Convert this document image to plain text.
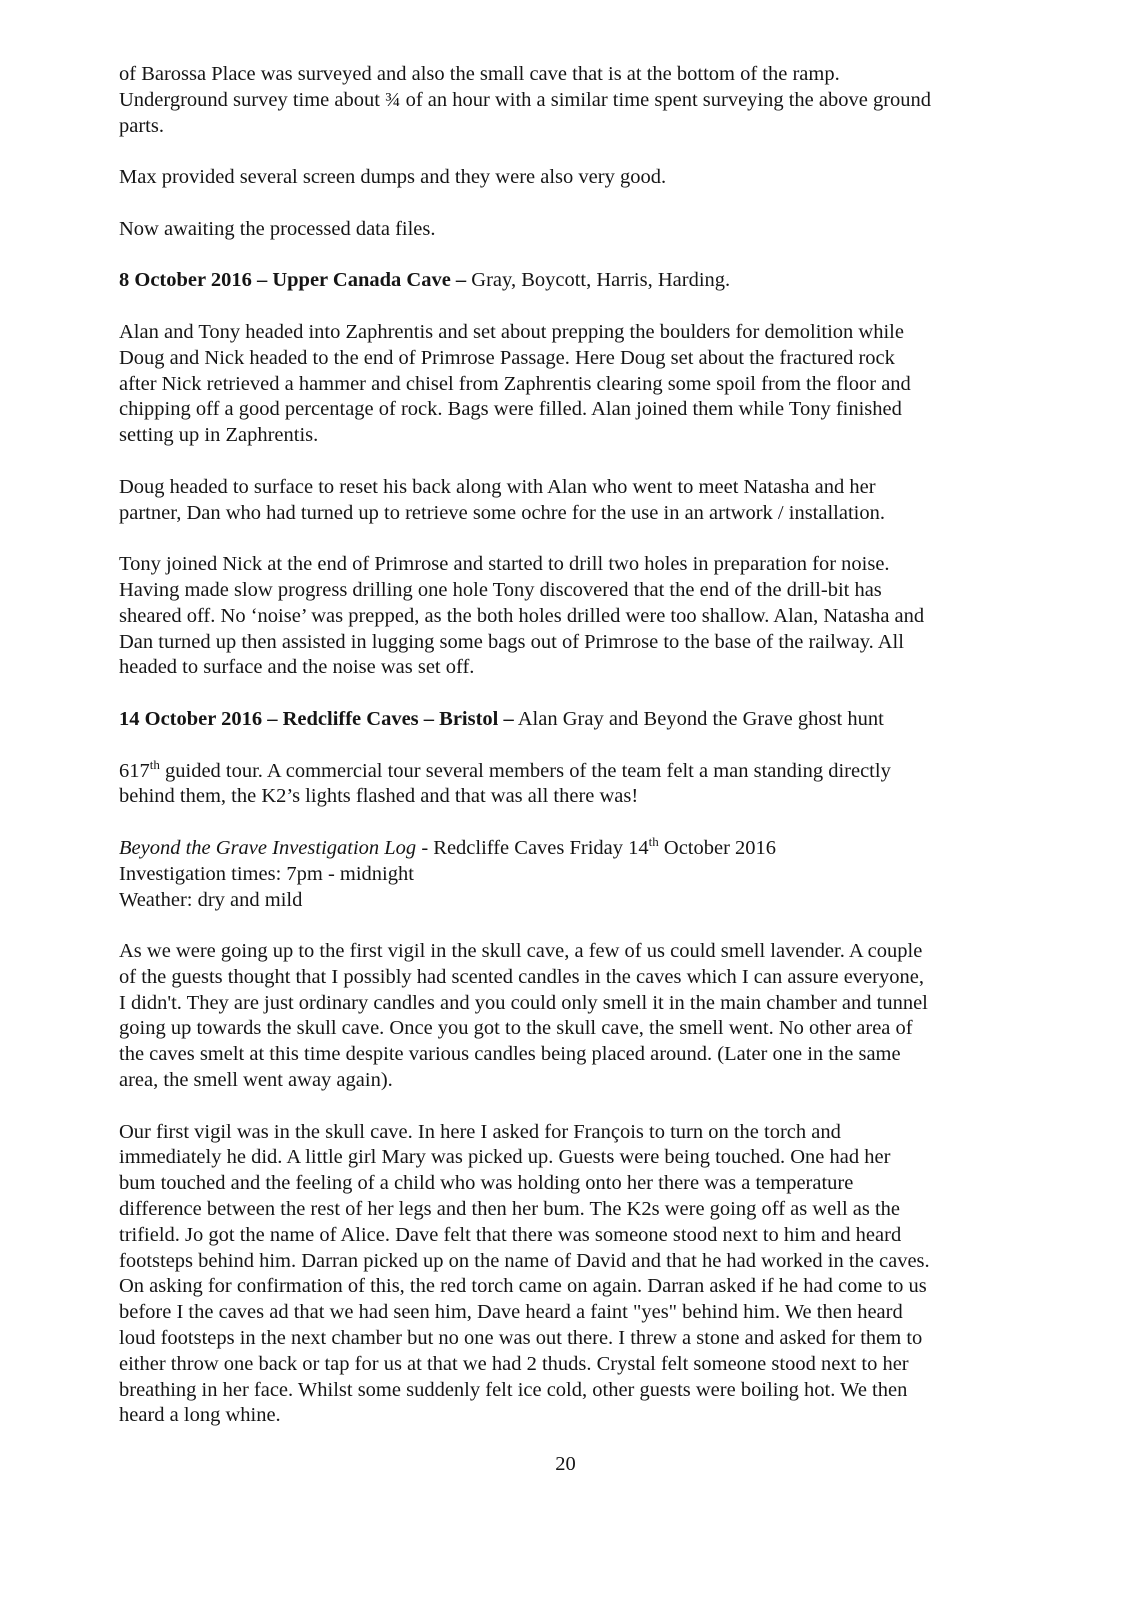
of Barossa Place was surveyed and also the small cave that is at the bottom of the ramp.
Underground survey time about ¾ of an hour with a similar time spent surveying the above ground
parts.
Max provided several screen dumps and they were also very good.
Now awaiting the processed data files.
8 October 2016 – Upper Canada Cave – Gray, Boycott, Harris, Harding.
Alan and Tony headed into Zaphrentis and set about prepping the boulders for demolition while
Doug and Nick headed to the end of Primrose Passage. Here Doug set about the fractured rock
after Nick retrieved a hammer and chisel from Zaphrentis clearing some spoil from the floor and
chipping off a good percentage of rock. Bags were filled. Alan joined them while Tony finished
setting up in Zaphrentis.
Doug headed to surface to reset his back along with Alan who went to meet Natasha and her
partner, Dan who had turned up to retrieve some ochre for the use in an artwork / installation.
Tony joined Nick at the end of Primrose and started to drill two holes in preparation for noise.
Having made slow progress drilling one hole Tony discovered that the end of the drill-bit has
sheared off. No ‘noise’ was prepped, as the both holes drilled were too shallow. Alan, Natasha and
Dan turned up then assisted in lugging some bags out of Primrose to the base of the railway. All
headed to surface and the noise was set off.
14 October 2016 – Redcliffe Caves – Bristol – Alan Gray and Beyond the Grave ghost hunt
617th guided tour. A commercial tour several members of the team felt a man standing directly
behind them, the K2’s lights flashed and that was all there was!
Beyond the Grave Investigation Log - Redcliffe Caves Friday 14th October 2016
Investigation times: 7pm - midnight
Weather: dry and mild
As we were going up to the first vigil in the skull cave, a few of us could smell lavender. A couple
of the guests thought that I possibly had scented candles in the caves which I can assure everyone,
I didn't. They are just ordinary candles and you could only smell it in the main chamber and tunnel
going up towards the skull cave. Once you got to the skull cave, the smell went. No other area of
the caves smelt at this time despite various candles being placed around. (Later one in the same
area, the smell went away again).
Our first vigil was in the skull cave. In here I asked for François to turn on the torch and
immediately he did. A little girl Mary was picked up. Guests were being touched. One had her
bum touched and the feeling of a child who was holding onto her there was a temperature
difference between the rest of her legs and then her bum. The K2s were going off as well as the
trifield. Jo got the name of Alice. Dave felt that there was someone stood next to him and heard
footsteps behind him. Darran picked up on the name of David and that he had worked in the caves.
On asking for confirmation of this, the red torch came on again. Darran asked if he had come to us
before I the caves ad that we had seen him, Dave heard a faint "yes" behind him. We then heard
loud footsteps in the next chamber but no one was out there. I threw a stone and asked for them to
either throw one back or tap for us at that we had 2 thuds. Crystal felt someone stood next to her
breathing in her face. Whilst some suddenly felt ice cold, other guests were boiling hot. We then
heard a long whine.
20
